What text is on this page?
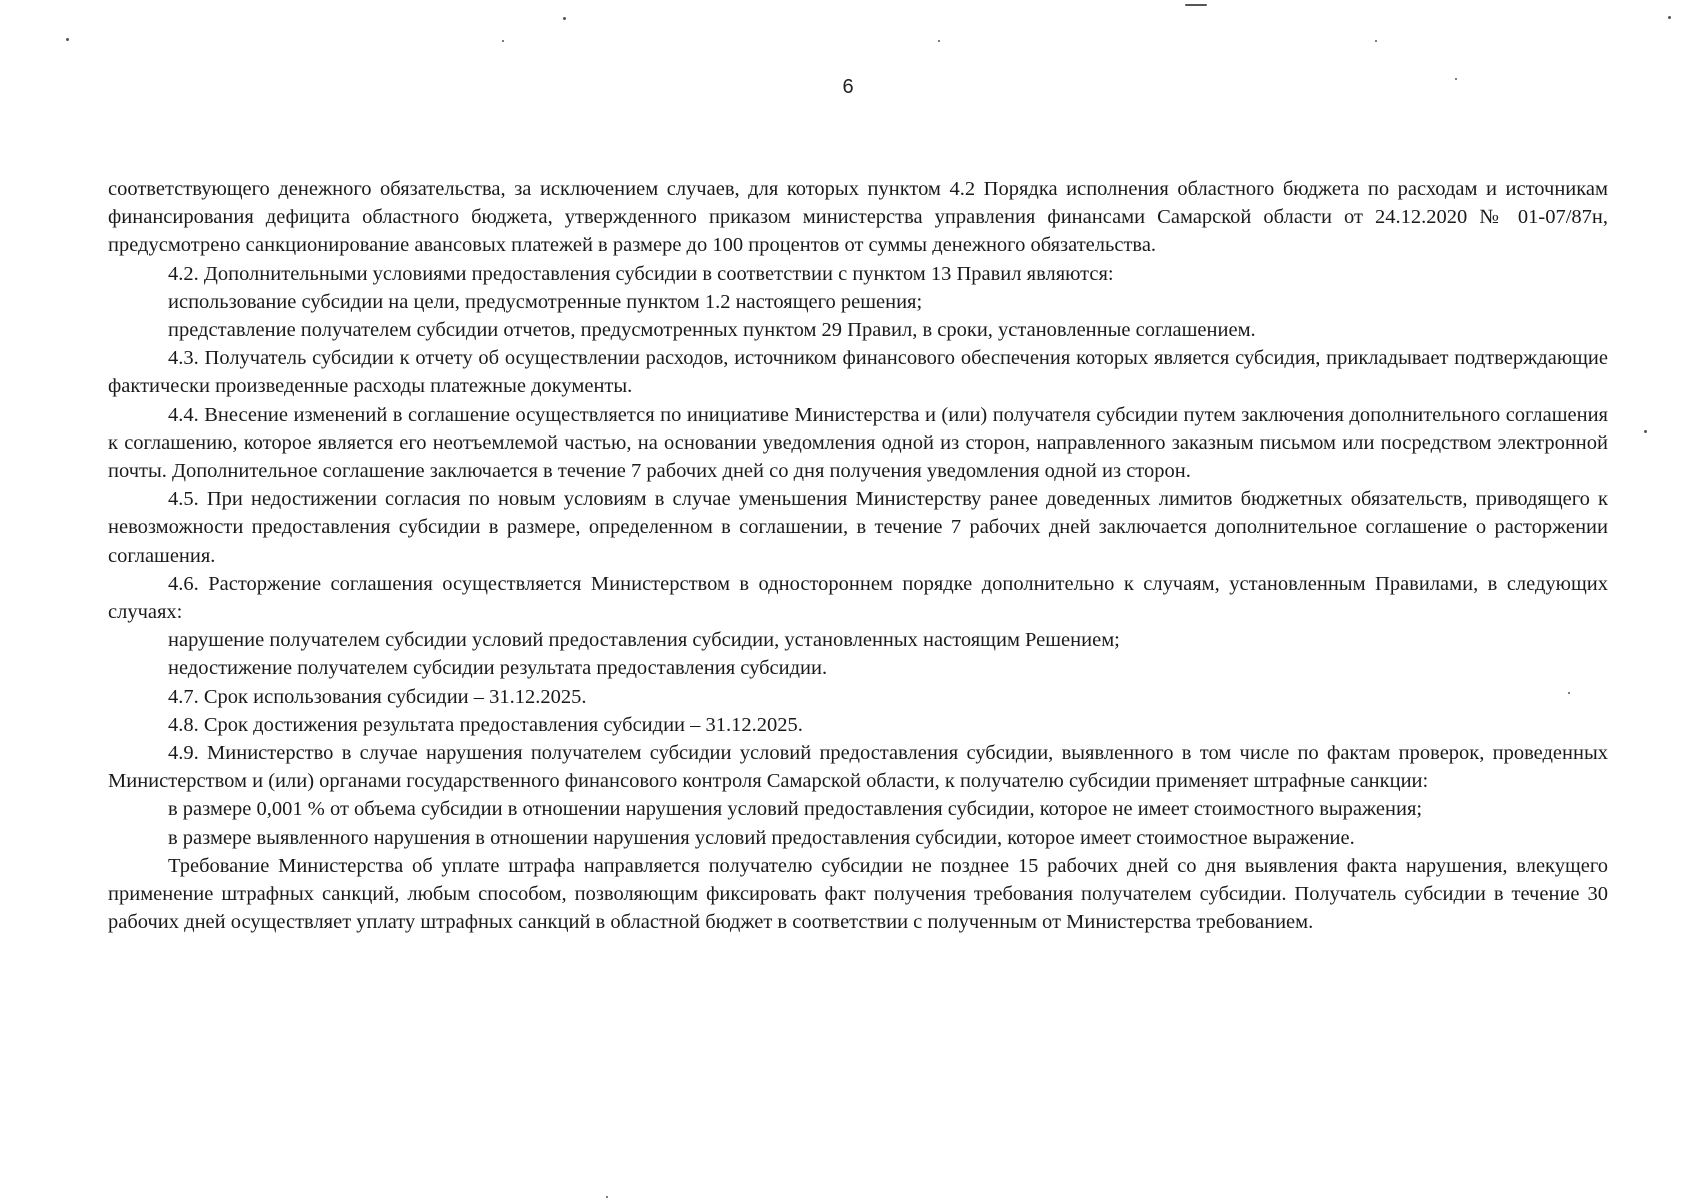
6

соответствующего денежного обязательства, за исключением случаев, для которых пунктом 4.2 Порядка исполнения областного бюджета по расходам и источникам финансирования дефицита областного бюджета, утвержденного приказом министерства управления финансами Самарской области от 24.12.2020 № 01-07/87н, предусмотрено санкционирование авансовых платежей в размере до 100 процентов от суммы денежного обязательства.

4.2. Дополнительными условиями предоставления субсидии в соответствии с пунктом 13 Правил являются:

использование субсидии на цели, предусмотренные пунктом 1.2 настоящего решения;

представление получателем субсидии отчетов, предусмотренных пунктом 29 Правил, в сроки, установленные соглашением.

4.3. Получатель субсидии к отчету об осуществлении расходов, источником финансового обеспечения которых является субсидия, прикладывает подтверждающие фактически произведенные расходы платежные документы.

4.4. Внесение изменений в соглашение осуществляется по инициативе Министерства и (или) получателя субсидии путем заключения дополнительного соглашения к соглашению, которое является его неотъемлемой частью, на основании уведомления одной из сторон, направленного заказным письмом или посредством электронной почты. Дополнительное соглашение заключается в течение 7 рабочих дней со дня получения уведомления одной из сторон.

4.5. При недостижении согласия по новым условиям в случае уменьшения Министерству ранее доведенных лимитов бюджетных обязательств, приводящего к невозможности предоставления субсидии в размере, определенном в соглашении, в течение 7 рабочих дней заключается дополнительное соглашение о расторжении соглашения.

4.6. Расторжение соглашения осуществляется Министерством в одностороннем порядке дополнительно к случаям, установленным Правилами, в следующих случаях:

нарушение получателем субсидии условий предоставления субсидии, установленных настоящим Решением;

недостижение получателем субсидии результата предоставления субсидии.

4.7. Срок использования субсидии – 31.12.2025.

4.8. Срок достижения результата предоставления субсидии – 31.12.2025.

4.9. Министерство в случае нарушения получателем субсидии условий предоставления субсидии, выявленного в том числе по фактам проверок, проведенных Министерством и (или) органами государственного финансового контроля Самарской области, к получателю субсидии применяет штрафные санкции:

в размере 0,001 % от объема субсидии в отношении нарушения условий предоставления субсидии, которое не имеет стоимостного выражения;

в размере выявленного нарушения в отношении нарушения условий предоставления субсидии, которое имеет стоимостное выражение.

Требование Министерства об уплате штрафа направляется получателю субсидии не позднее 15 рабочих дней со дня выявления факта нарушения, влекущего применение штрафных санкций, любым способом, позволяющим фиксировать факт получения требования получателем субсидии. Получатель субсидии в течение 30 рабочих дней осуществляет уплату штрафных санкций в областной бюджет в соответствии с полученным от Министерства требованием.
